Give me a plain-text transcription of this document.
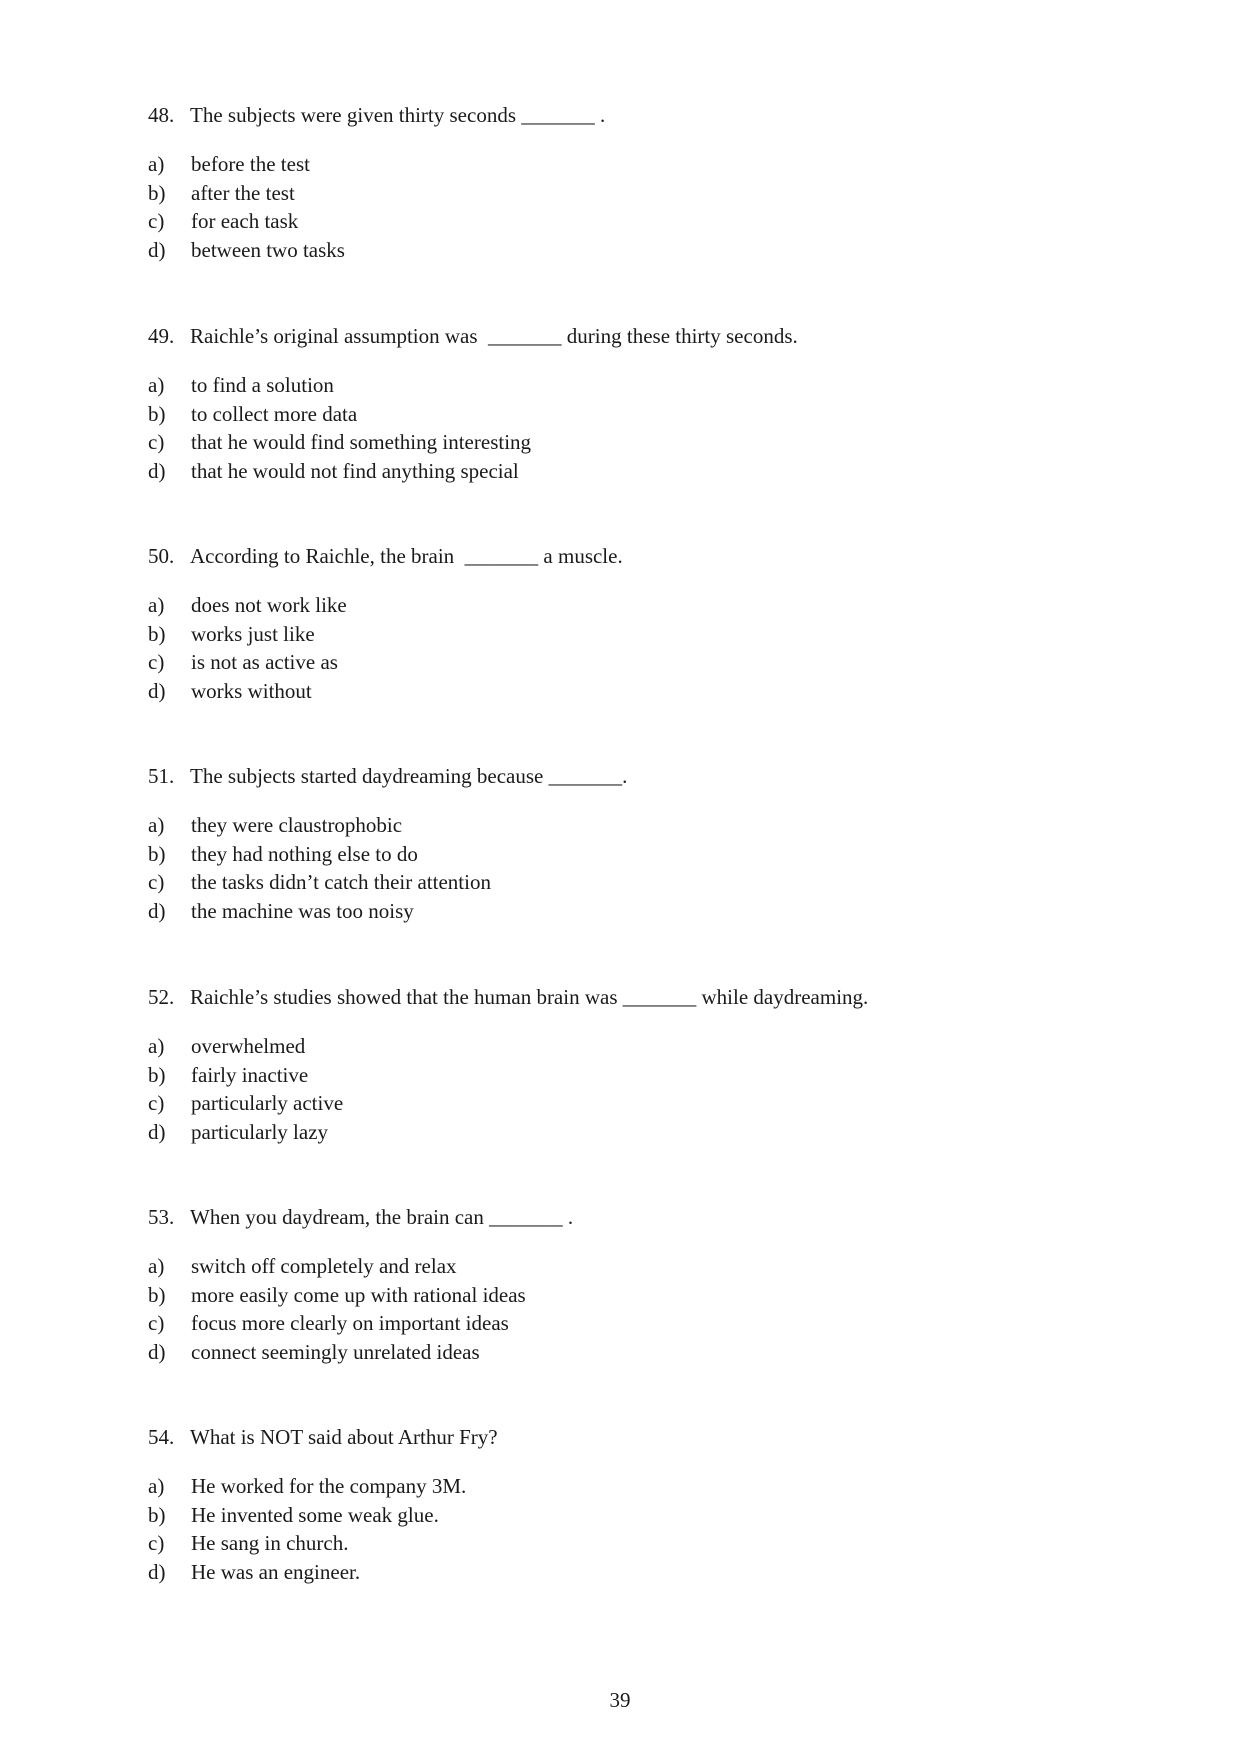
48. The subjects were given thirty seconds _______ .
a)	before the test
b)	after the test
c)	for each task
d)	between two tasks
49. Raichle’s original assumption was  _______ during these thirty seconds.
a)	to find a solution
b)	to collect more data
c)	that he would find something interesting
d)	that he would not find anything special
50. According to Raichle, the brain  _______ a muscle.
a)	does not work like
b)	works just like
c)	is not as active as
d)	works without
51. The subjects started daydreaming because _______.
a)	they were claustrophobic
b)	they had nothing else to do
c)	the tasks didn’t catch their attention
d)	the machine was too noisy
52. Raichle’s studies showed that the human brain was _______ while daydreaming.
a)	overwhelmed
b)	fairly inactive
c)	particularly active
d)	particularly lazy
53. When you daydream, the brain can _______ .
a)	switch off completely and relax
b)	more easily come up with rational ideas
c)	focus more clearly on important ideas
d)	connect seemingly unrelated ideas
54. What is NOT said about Arthur Fry?
a)	He worked for the company 3M.
b)	He invented some weak glue.
c)	He sang in church.
d)	He was an engineer.
39
